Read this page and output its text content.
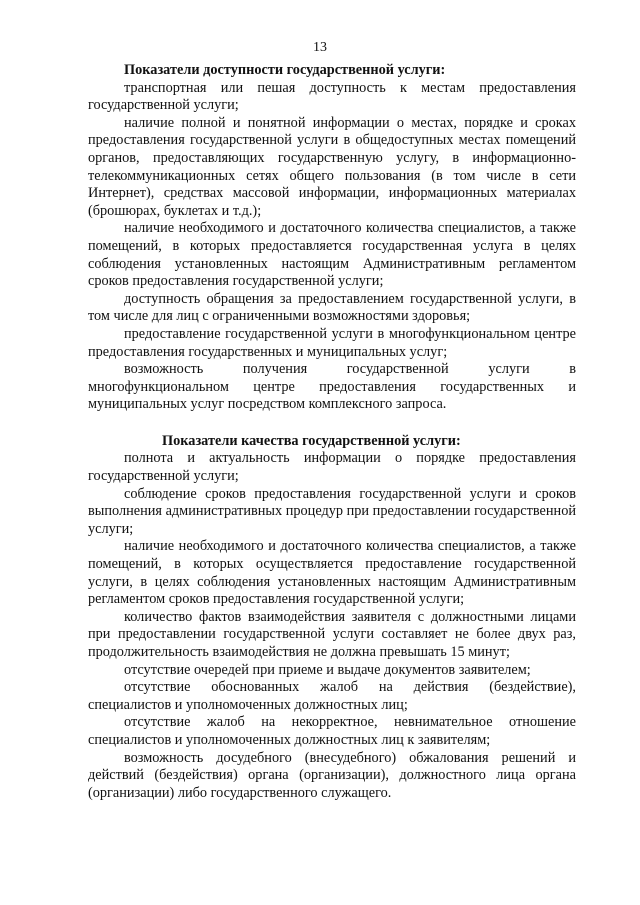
13

Показатели доступности государственной услуги:

транспортная или пешая доступность к местам предоставления государственной услуги;

наличие полной и понятной информации о местах, порядке и сроках предоставления государственной услуги в общедоступных местах помещений органов, предоставляющих государственную услугу, в информационно-телекоммуникационных сетях общего пользования (в том числе в сети Интернет), средствах массовой информации, информационных материалах (брошюрах, буклетах и т.д.);

наличие необходимого и достаточного количества специалистов, а также помещений, в которых предоставляется государственная услуга в целях соблюдения установленных настоящим Административным регламентом сроков предоставления государственной услуги;

доступность обращения за предоставлением государственной услуги, в том числе для лиц с ограниченными возможностями здоровья;

предоставление государственной услуги в многофункциональном центре предоставления государственных и муниципальных услуг;

возможность получения государственной услуги в многофункциональном центре предоставления государственных и муниципальных услуг посредством комплексного запроса.

Показатели качества государственной услуги:

полнота и актуальность информации о порядке предоставления государственной услуги;

соблюдение сроков предоставления государственной услуги и сроков выполнения административных процедур при предоставлении государственной услуги;

наличие необходимого и достаточного количества специалистов, а также помещений, в которых осуществляется предоставление государственной услуги, в целях соблюдения установленных настоящим Административным регламентом сроков предоставления государственной услуги;

количество фактов взаимодействия заявителя с должностными лицами при предоставлении государственной услуги составляет не более двух раз, продолжительность взаимодействия не должна превышать 15 минут;

отсутствие очередей при приеме и выдаче документов заявителем;

отсутствие обоснованных жалоб на действия (бездействие), специалистов и уполномоченных должностных лиц;

отсутствие жалоб на некорректное, невнимательное отношение специалистов и уполномоченных должностных лиц к заявителям;

возможность досудебного (внесудебного) обжалования решений и действий (бездействия) органа (организации), должностного лица органа (организации) либо государственного служащего.
